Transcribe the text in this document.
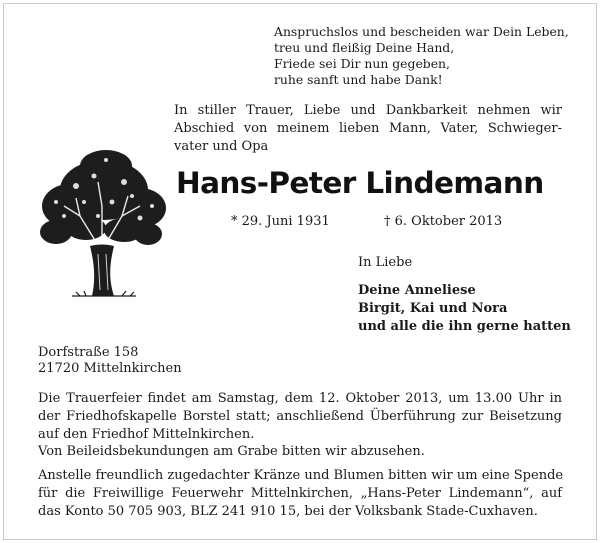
Anspruchslos und bescheiden war Dein Leben,
treu und fleißig Deine Hand,
Friede sei Dir nun gegeben,
ruhe sanft und habe Dank!
In stiller Trauer, Liebe und Dankbarkeit nehmen wir
Abschied von meinem lieben Mann, Vater, Schwieger-
vater und Opa
Hans-Peter Lindemann
* 29. Juni 1931	† 6. Oktober 2013
In Liebe
Deine Anneliese
Birgit, Kai und Nora
und alle die ihn gerne hatten
Dorfstraße 158
21720 Mittelnkirchen
Die Trauerfeier findet am Samstag, dem 12. Oktober 2013, um 13.00 Uhr in
der Friedhofskapelle Borstel statt; anschließend Überführung zur Beisetzung
auf den Friedhof Mittelnkirchen.
Von Beileidsbekundungen am Grabe bitten wir abzusehen.
Anstelle freundlich zugedachter Kränze und Blumen bitten wir um eine Spende
für die Freiwillige Feuerwehr Mittelnkirchen, „Hans-Peter Lindemann“, auf
das Konto 50 705 903, BLZ 241 910 15, bei der Volksbank Stade-Cuxhaven.
